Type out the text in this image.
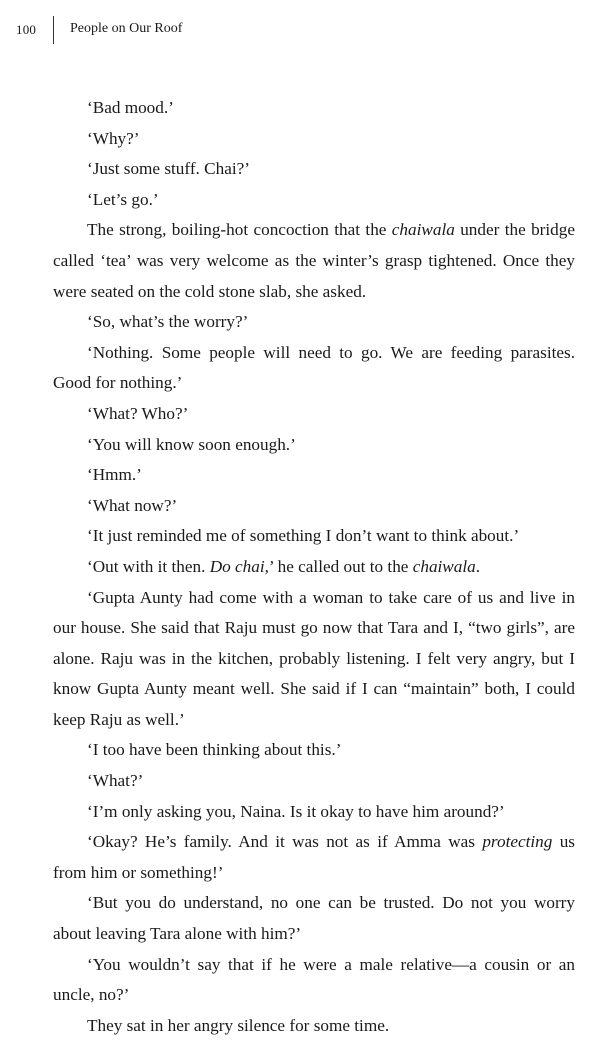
100 People on Our Roof

‘Bad mood.’

‘Why?’

‘Just some stuff. Chai?’

‘Let’s go.’

The strong, boiling-hot concoction that the chaiwala under the bridge called ‘tea’ was very welcome as the winter’s grasp tightened. Once they were seated on the cold stone slab, she asked.

‘So, what’s the worry?’

‘Nothing. Some people will need to go. We are feeding parasites. Good for nothing.’

‘What? Who?’

‘You will know soon enough.’

‘Hmm.’

‘What now?’

‘It just reminded me of something I don’t want to think about.’

‘Out with it then. Do chai,’ he called out to the chaiwala.

‘Gupta Aunty had come with a woman to take care of us and live in our house. She said that Raju must go now that Tara and I, “two girls”, are alone. Raju was in the kitchen, probably listening. I felt very angry, but I know Gupta Aunty meant well. She said if I can “maintain” both, I could keep Raju as well.’

‘I too have been thinking about this.’

‘What?’

‘I’m only asking you, Naina. Is it okay to have him around?’

‘Okay? He’s family. And it was not as if Amma was protecting us from him or something!’

‘But you do understand, no one can be trusted. Do not you worry about leaving Tara alone with him?’

‘You wouldn’t say that if he were a male relative—a cousin or an uncle, no?’

They sat in her angry silence for some time.
